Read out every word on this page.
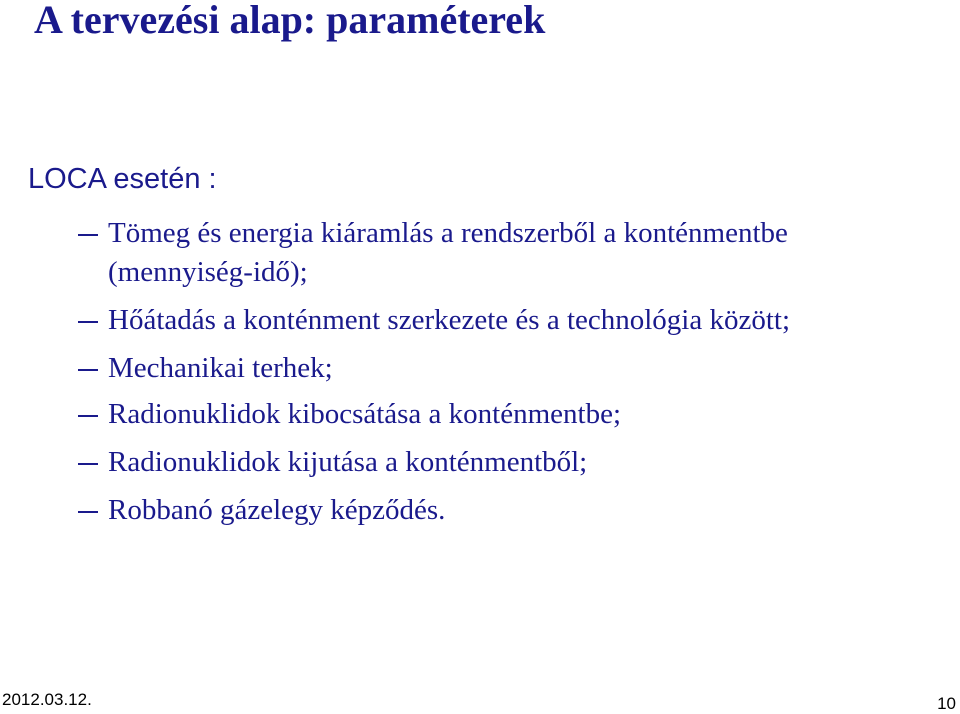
A tervezési alap: paraméterek

LOCA esetén :

Tömeg és energia kiáramlás a rendszerből a konténmentbe

(mennyiség-idő);

Hőátadás a konténment szerkezete és a technológia között;

Mechanikai terhek;

Radionuklidok kibocsátása a konténmentbe;

Radionuklidok kijutása a konténmentből;

Robbanó gázelegy képződés.

2012.03.12.	10
